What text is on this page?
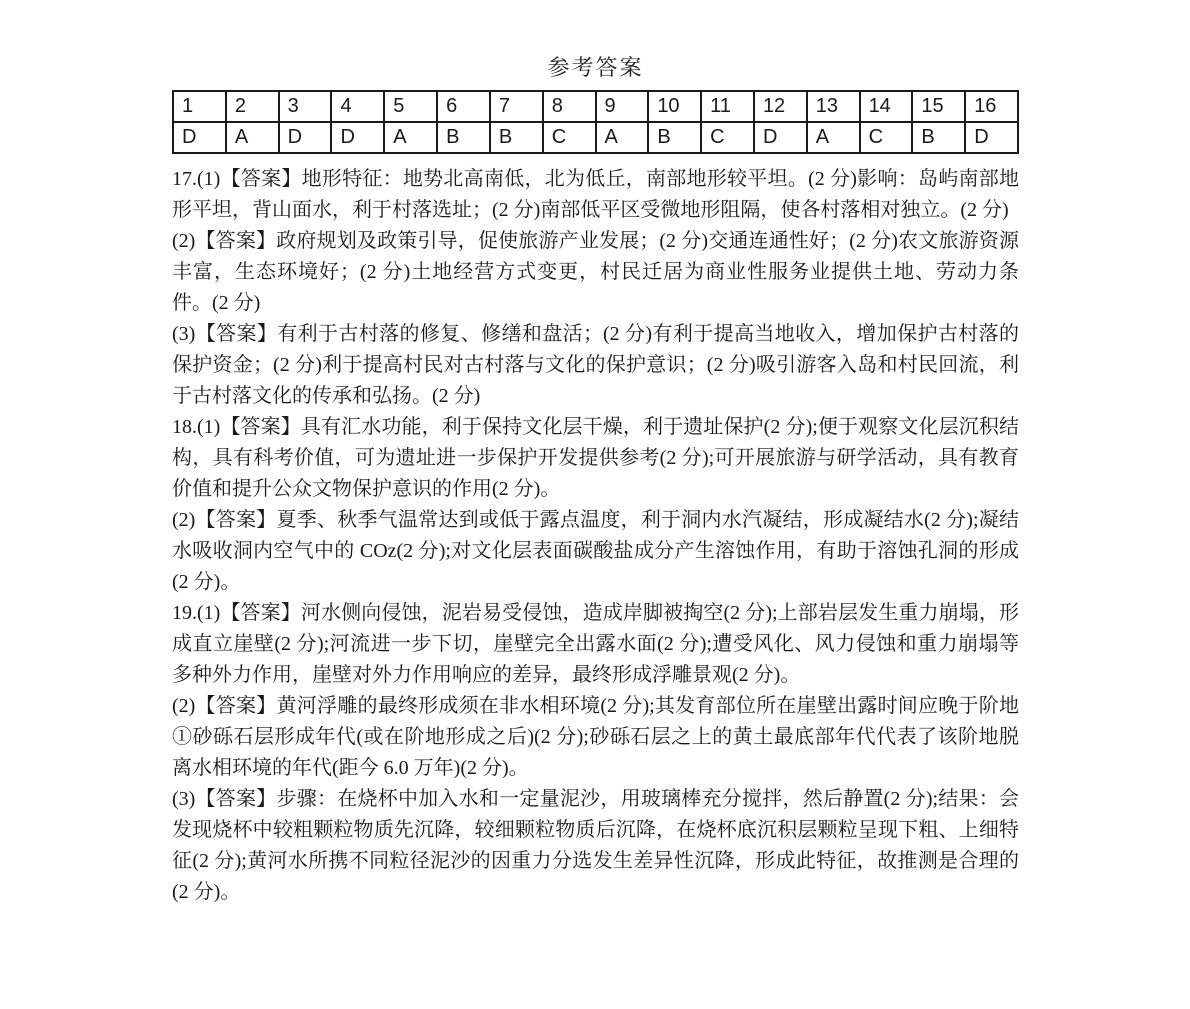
参考答案
1	2	3	4	5	6	7	8	9	10	11	12	13	14	15	16
D	A	D	D	A	B	B	C	A	B	C	D	A	C	B	D

17.(1)【答案】地形特征：地势北高南低，北为低丘，南部地形较平坦。(2 分)影响：岛屿南部地形平坦，背山面水，利于村落选址；(2 分)南部低平区受微地形阻隔，使各村落相对独立。(2 分)

(2)【答案】政府规划及政策引导，促使旅游产业发展；(2 分)交通连通性好；(2 分)农文旅游资源丰富，生态环境好；(2 分)土地经营方式变更，村民迁居为商业性服务业提供土地、劳动力条件。(2 分)

(3)【答案】有利于古村落的修复、修缮和盘活；(2 分)有利于提高当地收入，增加保护古村落的保护资金；(2 分)利于提高村民对古村落与文化的保护意识；(2 分)吸引游客入岛和村民回流，利于古村落文化的传承和弘扬。(2 分)

18.(1)【答案】具有汇水功能，利于保持文化层干燥，利于遗址保护(2 分);便于观察文化层沉积结构，具有科考价值，可为遗址进一步保护开发提供参考(2 分);可开展旅游与研学活动，具有教育价值和提升公众文物保护意识的作用(2 分)。

(2)【答案】夏季、秋季气温常达到或低于露点温度，利于洞内水汽凝结，形成凝结水(2 分);凝结水吸收洞内空气中的 COz(2 分);对文化层表面碳酸盐成分产生溶蚀作用，有助于溶蚀孔洞的形成(2 分)。

19.(1)【答案】河水侧向侵蚀，泥岩易受侵蚀，造成岸脚被掏空(2 分);上部岩层发生重力崩塌，形成直立崖壁(2 分);河流进一步下切，崖壁完全出露水面(2 分);遭受风化、风力侵蚀和重力崩塌等多种外力作用，崖壁对外力作用响应的差异，最终形成浮雕景观(2 分)。

(2)【答案】黄河浮雕的最终形成须在非水相环境(2 分);其发育部位所在崖壁出露时间应晚于阶地①砂砾石层形成年代(或在阶地形成之后)(2 分);砂砾石层之上的黄土最底部年代代表了该阶地脱离水相环境的年代(距今 6.0 万年)(2 分)。

(3)【答案】步骤：在烧杯中加入水和一定量泥沙，用玻璃棒充分搅拌，然后静置(2 分);结果：会发现烧杯中较粗颗粒物质先沉降，较细颗粒物质后沉降，在烧杯底沉积层颗粒呈现下粗、上细特征(2 分);黄河水所携不同粒径泥沙的因重力分选发生差异性沉降，形成此特征，故推测是合理的(2 分)。
